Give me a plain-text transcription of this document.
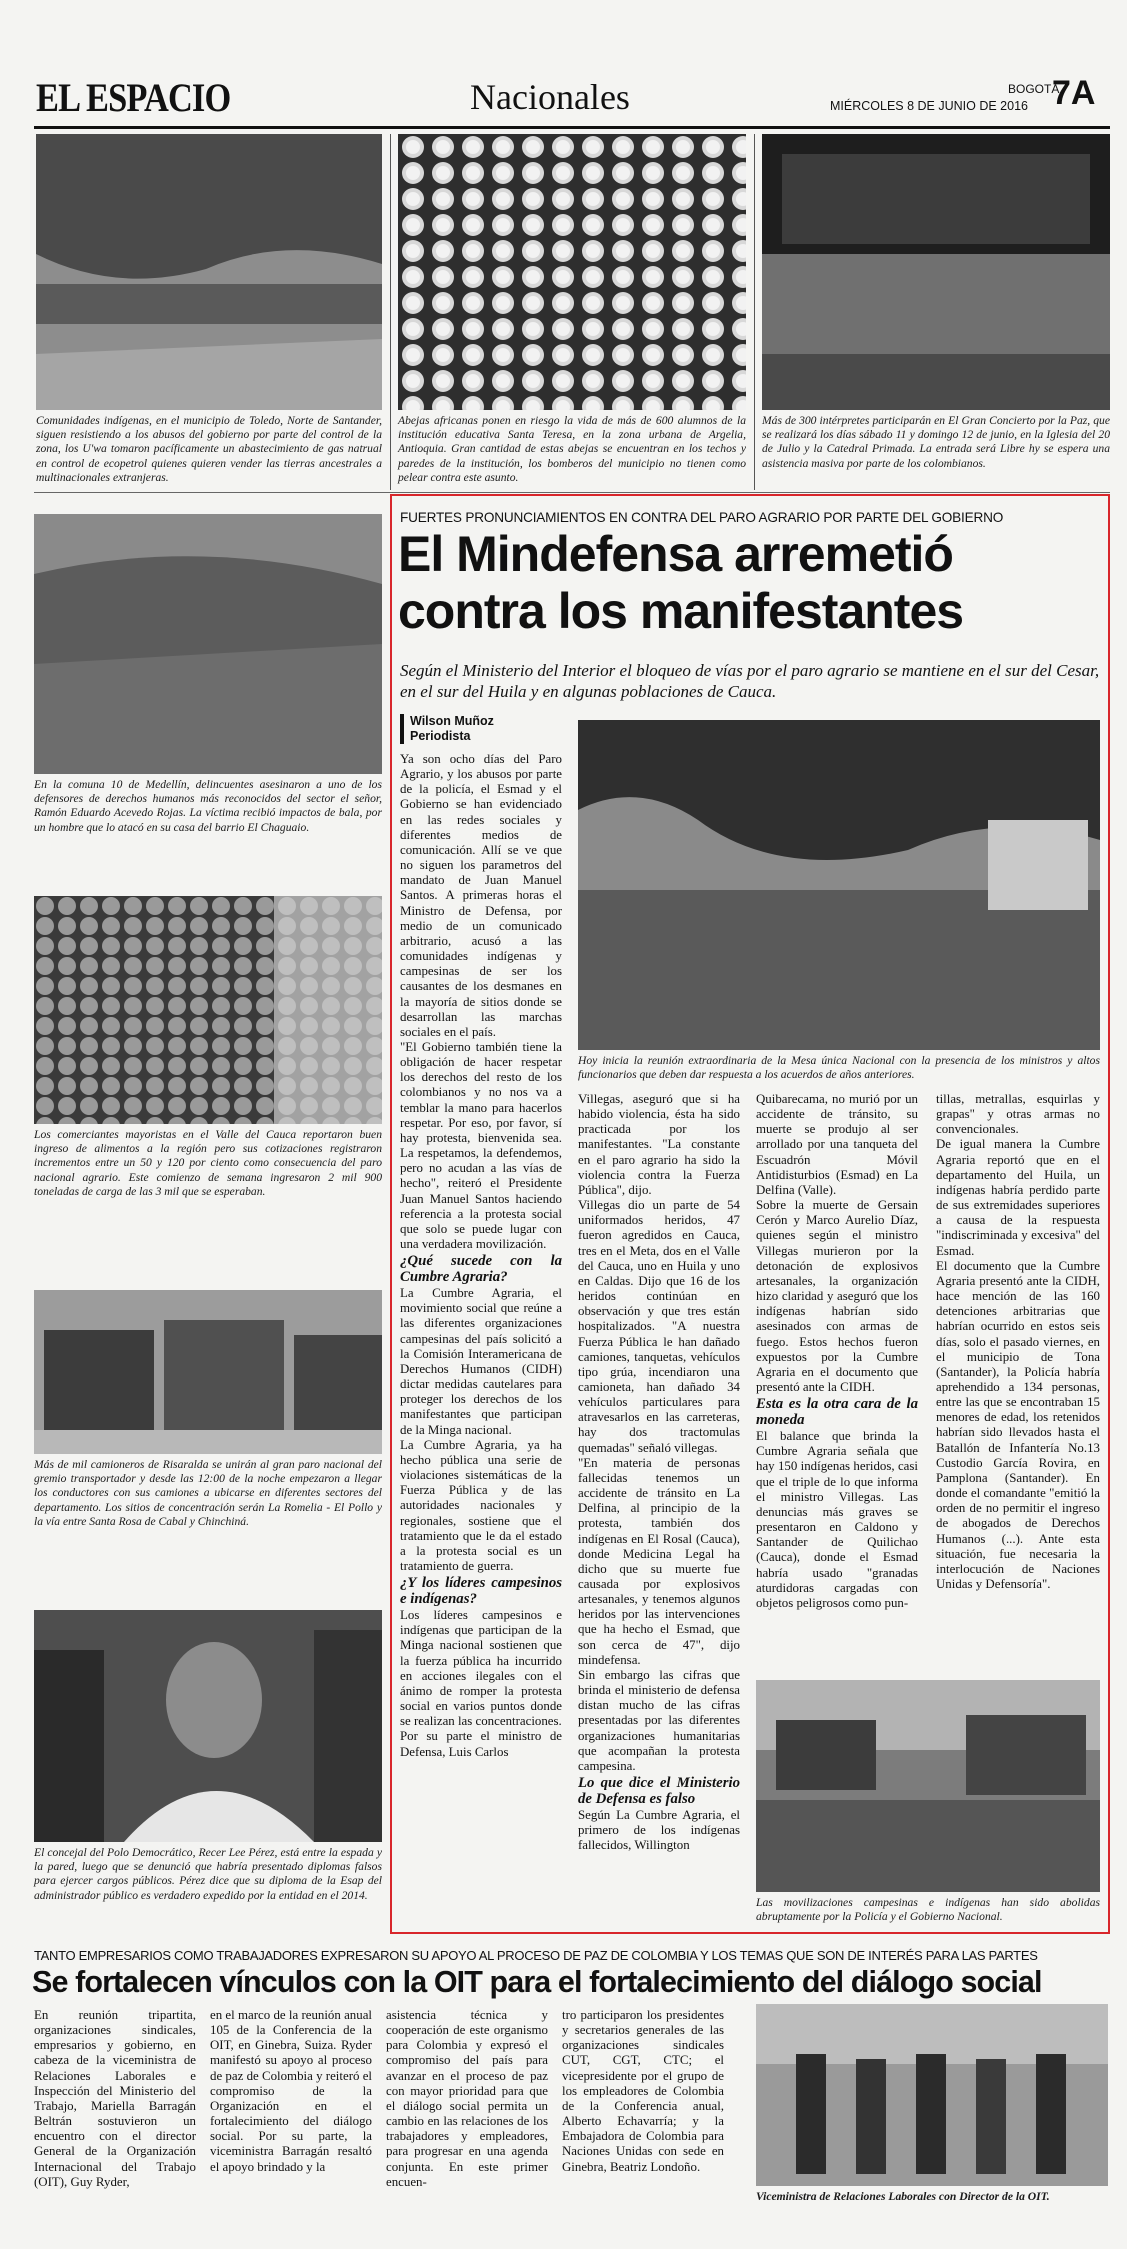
EL ESPACIO	Nacionales	BOGOTÁ,
MIÉRCOLES 8 DE JUNIO DE 2016 7A

Comunidades indígenas, en el municipio de Toledo, Norte de Santander, siguen resistiendo a los abusos del gobierno por parte del control de la zona, los U'wa tomaron pacíficamente un abastecimiento de gas natrual en control de ecopetrol quienes quieren vender las tierras ancestrales a multinacionales extranjeras.

Abejas africanas ponen en riesgo la vida de más de 600 alumnos de la institución educativa Santa Teresa, en la zona urbana de Argelia, Antioquia. Gran cantidad de estas abejas se encuentran en los techos y paredes de la institución, los bomberos del municipio no tienen como pelear contra este asunto.

Más de 300 intérpretes participarán en El Gran Concierto por la Paz, que se realizará los días sábado 11 y domingo 12 de junio, en la Iglesia del 20 de Julio y la Catedral Primada. La entrada será Libre hy se espera una asistencia masiva por parte de los colombianos.

En la comuna 10 de Medellín, delincuentes asesinaron a uno de los defensores de derechos humanos más reconocidos del sector el señor, Ramón Eduardo Acevedo Rojas. La víctima recibió impactos de bala, por un hombre que lo atacó en su casa del barrio El Chaguaio.

Los comerciantes mayoristas en el Valle del Cauca reportaron buen ingreso de alimentos a la región pero sus cotizaciones registraron incrementos entre un 50 y 120 por ciento como consecuencia del paro nacional agrario. Este comienzo de semana ingresaron 2 mil 900 toneladas de carga de las 3 mil que se esperaban.

Más de mil camioneros de Risaralda se unirán al gran paro nacional del gremio transportador y desde las 12:00 de la noche empezaron a llegar los conductores con sus camiones a ubicarse en diferentes sectores del departamento. Los sitios de concentración serán La Romelia - El Pollo y la vía entre Santa Rosa de Cabal y Chinchiná.

El concejal del Polo Democrático, Recer Lee Pérez, está entre la espada y la pared, luego que se denunció que habría presentado diplomas falsos para ejercer cargos públicos. Pérez dice que su diploma de la Esap del administrador público es verdadero expedido por la entidad en el 2014.

FUERTES PRONUNCIAMIENTOS EN CONTRA DEL PARO AGRARIO POR PARTE DEL GOBIERNO
El Mindefensa arremetió
contra los manifestantes
Según el Ministerio del Interior el bloqueo de vías por el paro agrario se mantiene en el sur del Cesar, en el sur del Huila y en algunas poblaciones de Cauca.
Wilson Muñoz
Periodista

Ya son ocho días del Paro Agrario, y los abusos por parte de la policía, el Esmad y el Gobierno se han evidenciado en las redes sociales y diferentes medios de comunicación. Allí se ve que no siguen los parametros del mandato de Juan Manuel Santos. A primeras horas el Ministro de Defensa, por medio de un comunicado arbitrario, acusó a las comunidades indígenas y campesinas de ser los causantes de los desmanes en la mayoría de sitios donde se desarrollan las marchas sociales en el país.

"El Gobierno también tiene la obligación de hacer respetar los derechos del resto de los colombianos y no nos va a temblar la mano para hacerlos respetar. Por eso, por favor, sí hay protesta, bienvenida sea. La respetamos, la defendemos, pero no acudan a las vías de hecho", reiteró el Presidente Juan Manuel Santos haciendo referencia a la protesta social que solo se puede lugar con una verdadera movilización.

¿Qué sucede con la Cumbre Agraria?

La Cumbre Agraria, el movimiento social que reúne a las diferentes organizaciones campesinas del país solicitó a la Comisión Interamericana de Derechos Humanos (CIDH) dictar medidas cautelares para proteger los derechos de los manifestantes que participan de la Minga nacional.

La Cumbre Agraria, ya ha hecho pública una serie de violaciones sistemáticas de la Fuerza Pública y de las autoridades nacionales y regionales, sostiene que el tratamiento que le da el estado a la protesta social es un tratamiento de guerra.

¿Y los líderes campesinos e indígenas?

Los líderes campesinos e indígenas que participan de la Minga nacional sostienen que la fuerza pública ha incurrido en acciones ilegales con el ánimo de romper la protesta social en varios puntos donde se realizan las concentraciones.

Por su parte el ministro de Defensa, Luis Carlos

Hoy inicia la reunión extraordinaria de la Mesa única Nacional con la presencia de los ministros y altos funcionarios que deben dar respuesta a los acuerdos de años anteriores.

Villegas, aseguró que si ha habido violencia, ésta ha sido practicada por los manifestantes. "La constante en el paro agrario ha sido la violencia contra la Fuerza Pública", dijo.

Villegas dio un parte de 54 uniformados heridos, 47 fueron agredidos en Cauca, tres en el Meta, dos en el Valle del Cauca, uno en Huila y uno en Caldas. Dijo que 16 de los heridos continúan en observación y que tres están hospitalizados. "A nuestra Fuerza Pública le han dañado camiones, tanquetas, vehículos tipo grúa, incendiaron una camioneta, han dañado 34 vehículos particulares para atravesarlos en las carreteras, hay dos tractomulas quemadas" señaló villegas.

"En materia de personas fallecidas tenemos un accidente de tránsito en La Delfina, al principio de la protesta, también dos indígenas en El Rosal (Cauca), donde Medicina Legal ha dicho que su muerte fue causada por explosivos artesanales, y tenemos algunos heridos por las intervenciones que ha hecho el Esmad, que son cerca de 47", dijo mindefensa.

Sin embargo las cifras que brinda el ministerio de defensa distan mucho de las cifras presentadas por las diferentes organizaciones humanitarias que acompañan la protesta campesina.

Lo que dice el Ministerio de Defensa es falso

Según La Cumbre Agraria, el primero de los indígenas fallecidos, Willington

Quibarecama, no murió por un accidente de tránsito, su muerte se produjo al ser arrollado por una tanqueta del Escuadrón Móvil Antidisturbios (Esmad) en La Delfina (Valle).

Sobre la muerte de Gersain Cerón y Marco Aurelio Díaz, quienes según el ministro Villegas murieron por la detonación de explosivos artesanales, la organización hizo claridad y aseguró que los indígenas habrían sido asesinados con armas de fuego. Estos hechos fueron expuestos por la Cumbre Agraria en el documento que presentó ante la CIDH.

Esta es la otra cara de la moneda

El balance que brinda la Cumbre Agraria señala que hay 150 indígenas heridos, casi que el triple de lo que informa el ministro Villegas. Las denuncias más graves se presentaron en Caldono y Santander de Quilichao (Cauca), donde el Esmad habría usado "granadas aturdidoras cargadas con objetos peligrosos como pun-

tillas, metrallas, esquirlas y grapas" y otras armas no convencionales.

De igual manera la Cumbre Agraria reportó que en el departamento del Huila, un indígenas habría perdido parte de sus extremidades superiores a causa de la respuesta "indiscriminada y excesiva" del Esmad.

El documento que la Cumbre Agraria presentó ante la CIDH, hace mención de las 160 detenciones arbitrarias que habrían ocurrido en estos seis días, solo el pasado viernes, en el municipio de Tona (Santander), la Policía habría aprehendido a 134 personas, entre las que se encontraban 15 menores de edad, los retenidos habrían sido llevados hasta el Batallón de Infantería No.13 Custodio García Rovira, en Pamplona (Santander). En donde el comandante "emitió la orden de no permitir el ingreso de abogados de Derechos Humanos (...). Ante esta situación, fue necesaria la interlocución de Naciones Unidas y Defensoría".

Las movilizaciones campesinas e indígenas han sido abolidas abruptamente por la Policía y el Gobierno Nacional.

TANTO EMPRESARIOS COMO TRABAJADORES EXPRESARON SU APOYO AL PROCESO DE PAZ DE COLOMBIA Y LOS TEMAS QUE SON DE INTERÉS PARA LAS PARTES
Se fortalecen vínculos con la OIT para el fortalecimiento del diálogo social
En reunión tripartita, organizaciones sindicales, empresarios y gobierno, en cabeza de la viceministra de Relaciones Laborales e Inspección del Ministerio del Trabajo, Mariella Barragán Beltrán sostuvieron un encuentro con el director General de la Organización Internacional del Trabajo (OIT), Guy Ryder,
en el marco de la reunión anual 105 de la Conferencia de la OIT, en Ginebra, Suiza. Ryder manifestó su apoyo al proceso de paz de Colombia y reiteró el compromiso de la Organización en el fortalecimiento del diálogo social. Por su parte, la viceministra Barragán resaltó el apoyo brindado y la
asistencia técnica y cooperación de este organismo para Colombia y expresó el compromiso del país para avanzar en el proceso de paz con mayor prioridad para que el diálogo social permita un cambio en las relaciones de los trabajadores y empleadores, para progresar en una agenda conjunta. En este primer encuen-
tro participaron los presidentes y secretarios generales de las organizaciones sindicales CUT, CGT, CTC; el vicepresidente por el grupo de los empleadores de Colombia de la Conferencia anual, Alberto Echavarría; y la Embajadora de Colombia para Naciones Unidas con sede en Ginebra, Beatriz Londoño.

Viceministra de Relaciones Laborales con Director de la OIT.
